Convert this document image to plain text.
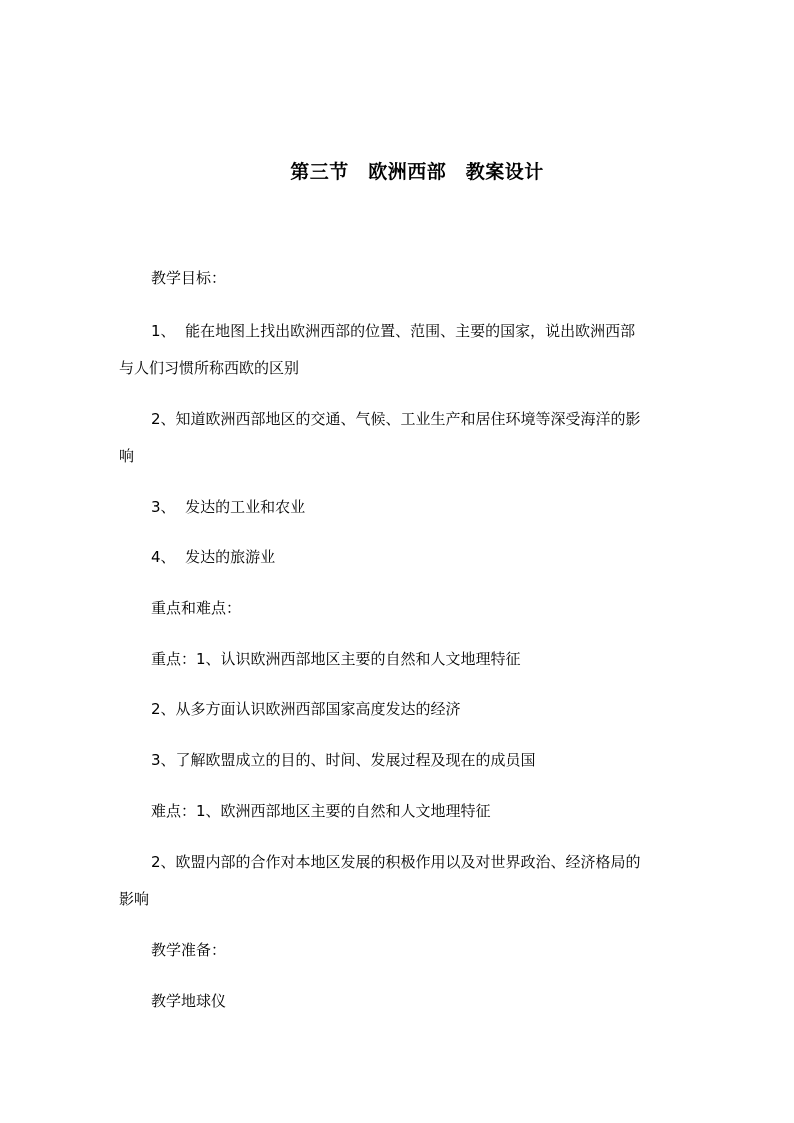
第三节　欧洲西部　教案设计
教学目标：
1、  能在地图上找出欧洲西部的位置、范围、主要的国家，说出欧洲西部
与人们习惯所称西欧的区别
2、知道欧洲西部地区的交通、气候、工业生产和居住环境等深受海洋的影
响
3、  发达的工业和农业
4、  发达的旅游业
重点和难点：
重点：1、认识欧洲西部地区主要的自然和人文地理特征
2、从多方面认识欧洲西部国家高度发达的经济
3、了解欧盟成立的目的、时间、发展过程及现在的成员国
难点：1、欧洲西部地区主要的自然和人文地理特征
2、欧盟内部的合作对本地区发展的积极作用以及对世界政治、经济格局的
影响
教学准备：
教学地球仪
